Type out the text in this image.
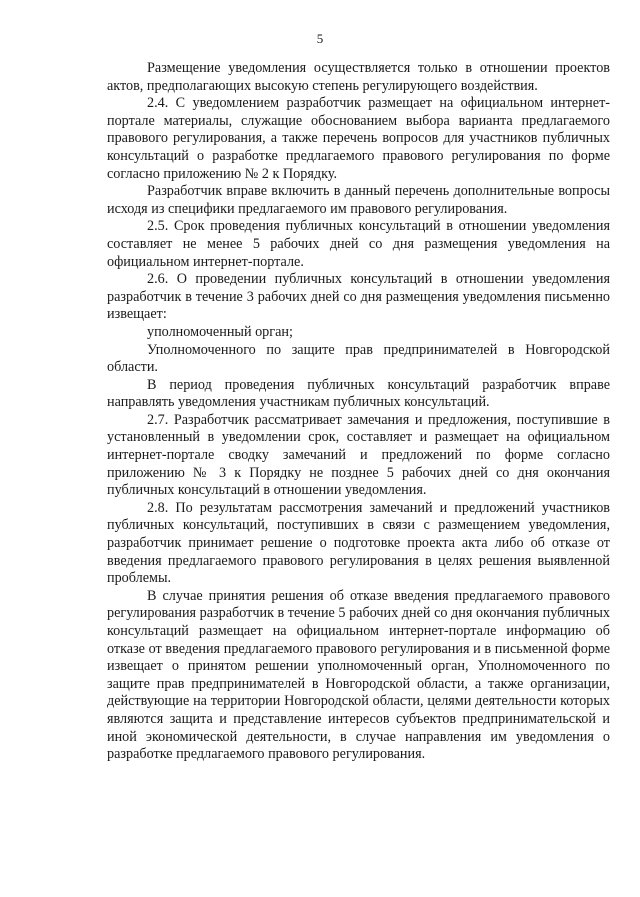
5

Размещение уведомления осуществляется только в отношении проектов актов, предполагающих высокую степень регулирующего воздействия.

2.4. С уведомлением разработчик размещает на официальном интернет-портале материалы, служащие обоснованием выбора варианта предлагаемого правового регулирования, а также перечень вопросов для участников публичных консультаций о разработке предлагаемого правового регулирования по форме согласно приложению № 2 к Порядку.

Разработчик вправе включить в данный перечень дополнительные вопросы исходя из специфики предлагаемого им правового регулирования.

2.5. Срок проведения публичных консультаций в отношении уведомления составляет не менее 5 рабочих дней со дня размещения уведомления на официальном интернет-портале.

2.6. О проведении публичных консультаций в отношении уведомления разработчик в течение 3 рабочих дней со дня размещения уведомления письменно извещает:

уполномоченный орган;

Уполномоченного по защите прав предпринимателей в Новгородской области.

В период проведения публичных консультаций разработчик вправе направлять уведомления участникам публичных консультаций.

2.7. Разработчик рассматривает замечания и предложения, поступившие в установленный в уведомлении срок, составляет и размещает на официальном интернет-портале сводку замечаний и предложений по форме согласно приложению № 3 к Порядку не позднее 5 рабочих дней со дня окончания публичных консультаций в отношении уведомления.

2.8. По результатам рассмотрения замечаний и предложений участников публичных консультаций, поступивших в связи с размещением уведомления, разработчик принимает решение о подготовке проекта акта либо об отказе от введения предлагаемого правового регулирования в целях решения выявленной проблемы.

В случае принятия решения об отказе введения предлагаемого правового регулирования разработчик в течение 5 рабочих дней со дня окончания публичных консультаций размещает на официальном интернет-портале информацию об отказе от введения предлагаемого правового регулирования и в письменной форме извещает о принятом решении уполномоченный орган, Уполномоченного по защите прав предпринимателей в Новгородской области, а также организации, действующие на территории Новгородской области, целями деятельности которых являются защита и представление интересов субъектов предпринимательской и иной экономической деятельности, в случае направления им уведомления о разработке предлагаемого правового регулирования.
